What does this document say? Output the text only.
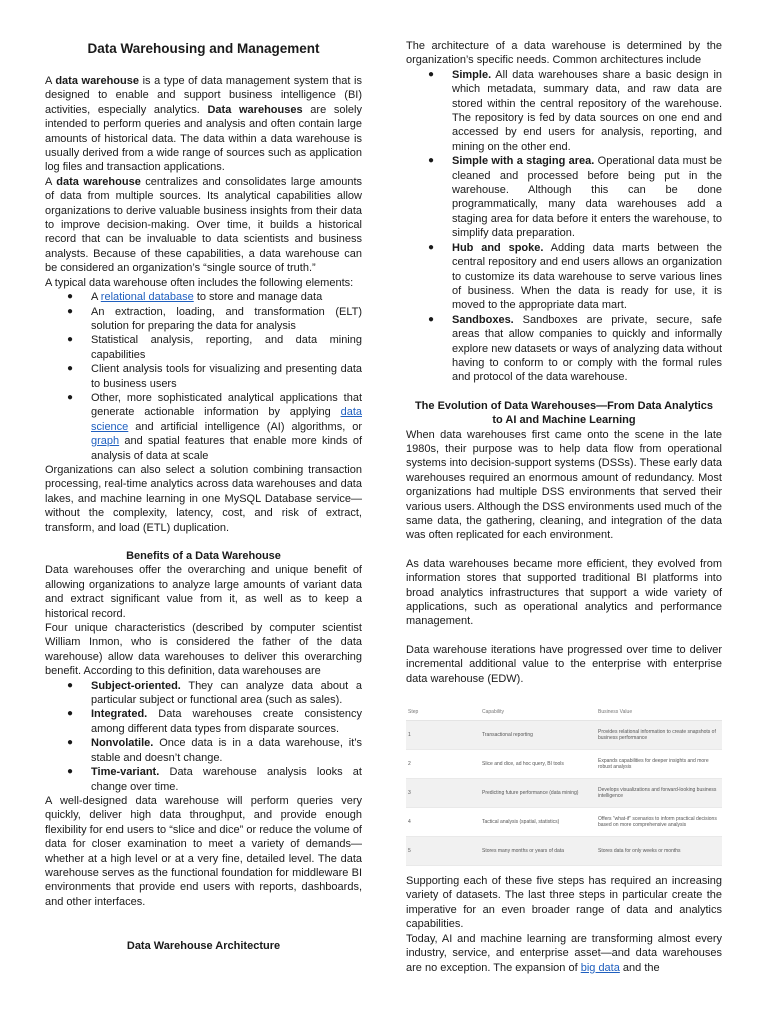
Data Warehousing and Management

A data warehouse is a type of data management system that is designed to enable and support business intelligence (BI) activities, especially analytics. Data warehouses are solely intended to perform queries and analysis and often contain large amounts of historical data. The data within a data warehouse is usually derived from a wide range of sources such as application log files and transaction applications.

A data warehouse centralizes and consolidates large amounts of data from multiple sources. Its analytical capabilities allow organizations to derive valuable business insights from their data to improve decision-making. Over time, it builds a historical record that can be invaluable to data scientists and business analysts. Because of these capabilities, a data warehouse can be considered an organization’s “single source of truth.”

A typical data warehouse often includes the following elements:

● A relational database to store and manage data
● An extraction, loading, and transformation (ELT) solution for preparing the data for analysis
● Statistical analysis, reporting, and data mining capabilities
● Client analysis tools for visualizing and presenting data to business users
● Other, more sophisticated analytical applications that generate actionable information by applying data science and artificial intelligence (AI) algorithms, or graph and spatial features that enable more kinds of analysis of data at scale

Organizations can also select a solution combining transaction processing, real-time analytics across data warehouses and data lakes, and machine learning in one MySQL Database service—without the complexity, latency, cost, and risk of extract, transform, and load (ETL) duplication.

Benefits of a Data Warehouse

Data warehouses offer the overarching and unique benefit of allowing organizations to analyze large amounts of variant data and extract significant value from it, as well as to keep a historical record.

Four unique characteristics (described by computer scientist William Inmon, who is considered the father of the data warehouse) allow data warehouses to deliver this overarching benefit. According to this definition, data warehouses are

● Subject-oriented. They can analyze data about a particular subject or functional area (such as sales).
● Integrated. Data warehouses create consistency among different data types from disparate sources.
● Nonvolatile. Once data is in a data warehouse, it’s stable and doesn’t change.
● Time-variant. Data warehouse analysis looks at change over time.

A well-designed data warehouse will perform queries very quickly, deliver high data throughput, and provide enough flexibility for end users to “slice and dice” or reduce the volume of data for closer examination to meet a variety of demands—whether at a high level or at a very fine, detailed level. The data warehouse serves as the functional foundation for middleware BI environments that provide end users with reports, dashboards, and other interfaces.

Data Warehouse Architecture

The architecture of a data warehouse is determined by the organization’s specific needs. Common architectures include

● Simple. All data warehouses share a basic design in which metadata, summary data, and raw data are stored within the central repository of the warehouse. The repository is fed by data sources on one end and accessed by end users for analysis, reporting, and mining on the other end.
● Simple with a staging area. Operational data must be cleaned and processed before being put in the warehouse. Although this can be done programmatically, many data warehouses add a staging area for data before it enters the warehouse, to simplify data preparation.
● Hub and spoke. Adding data marts between the central repository and end users allows an organization to customize its data warehouse to serve various lines of business. When the data is ready for use, it is moved to the appropriate data mart.
● Sandboxes. Sandboxes are private, secure, safe areas that allow companies to quickly and informally explore new datasets or ways of analyzing data without having to conform to or comply with the formal rules and protocol of the data warehouse.
The Evolution of Data Warehouses—From Data Analytics to AI and Machine Learning

When data warehouses first came onto the scene in the late 1980s, their purpose was to help data flow from operational systems into decision-support systems (DSSs). These early data warehouses required an enormous amount of redundancy. Most organizations had multiple DSS environments that served their various users. Although the DSS environments used much of the same data, the gathering, cleaning, and integration of the data was often replicated for each environment.

As data warehouses became more efficient, they evolved from information stores that supported traditional BI platforms into broad analytics infrastructures that support a wide variety of applications, such as operational analytics and performance management.

Data warehouse iterations have progressed over time to deliver incremental additional value to the enterprise with enterprise data warehouse (EDW).

Step	Capability	Business Value
1	Transactional reporting	Provides relational information to create snapshots of business performance
2	Slice and dice, ad hoc query, BI tools	Expands capabilities for deeper insights and more robust analysis
3	Predicting future performance (data mining)	Develops visualizations and forward-looking business intelligence
4	Tactical analysis (spatial, statistics)	Offers “what-if” scenarios to inform practical decisions based on more comprehensive analysis
5	Stores many months or years of data	Stores data for only weeks or months

Supporting each of these five steps has required an increasing variety of datasets. The last three steps in particular create the imperative for an even broader range of data and analytics capabilities.

Today, AI and machine learning are transforming almost every industry, service, and enterprise asset—and data warehouses are no exception. The expansion of big data and the
